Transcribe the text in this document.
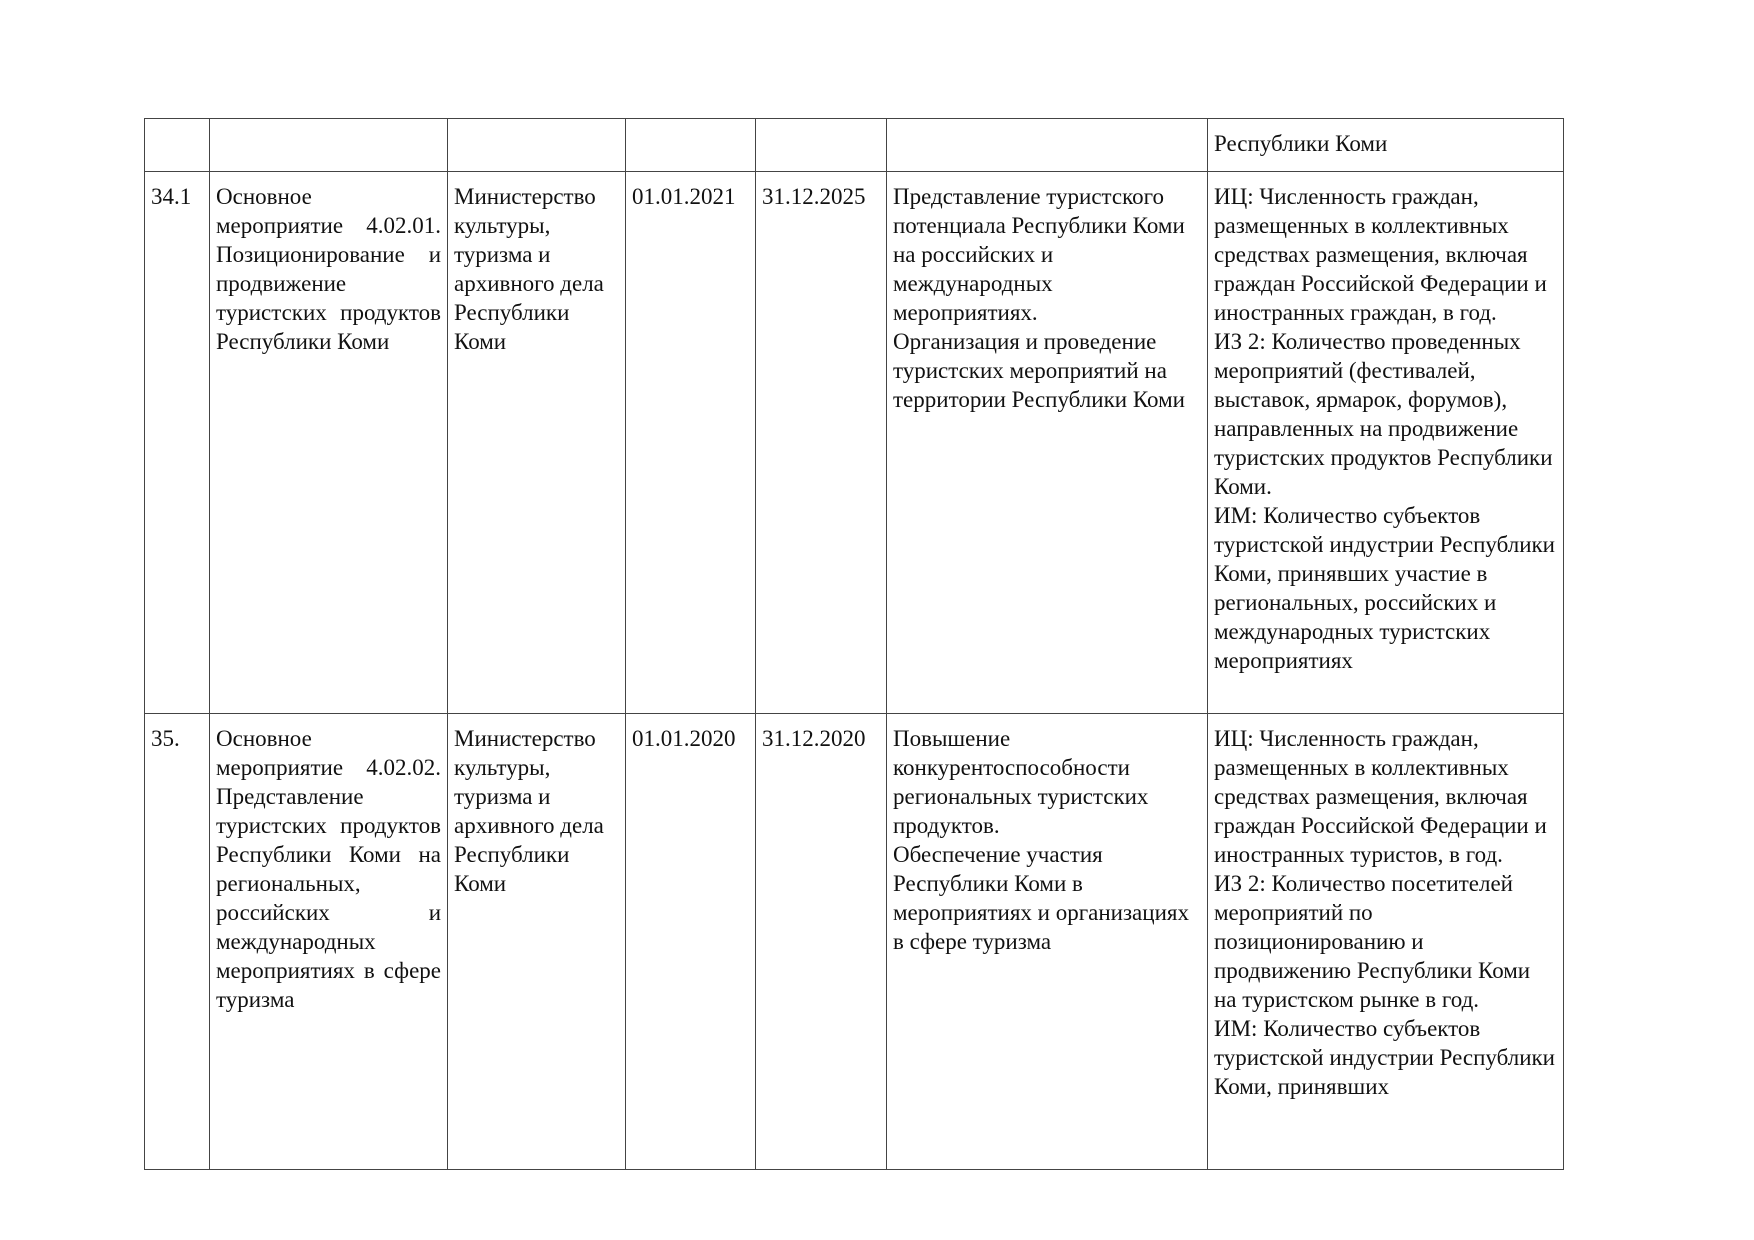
						Республики Коми
34.1	Основное мероприятие 4.02.01. Позиционирование и продвижение туристских продуктов Республики Коми	Министерство культуры, туризма и архивного дела Республики Коми	01.01.2021	31.12.2025	Представление туристского потенциала Республики Коми на российских и международных мероприятиях.
Организация и проведение туристских мероприятий на территории Республики Коми	ИЦ: Численность граждан, размещенных в коллективных средствах размещения, включая граждан Российской Федерации и иностранных граждан, в год.
ИЗ 2: Количество проведенных мероприятий (фестивалей, выставок, ярмарок, форумов), направленных на продвижение туристских продуктов Республики Коми.
ИМ: Количество субъектов туристской индустрии Республики Коми, принявших участие в региональных, российских и международных туристских мероприятиях
35.	Основное мероприятие 4.02.02. Представление туристских продуктов Республики Коми на региональных, российских и международных мероприятиях в сфере туризма	Министерство культуры, туризма и архивного дела Республики Коми	01.01.2020	31.12.2020	Повышение конкурентоспособности региональных туристских продуктов.
Обеспечение участия Республики Коми в мероприятиях и организациях в сфере туризма	ИЦ: Численность граждан, размещенных в коллективных средствах размещения, включая граждан Российской Федерации и иностранных туристов, в год.
ИЗ 2: Количество посетителей мероприятий по позиционированию и продвижению Республики Коми на туристском рынке в год.
ИМ: Количество субъектов туристской индустрии Республики Коми, принявших
